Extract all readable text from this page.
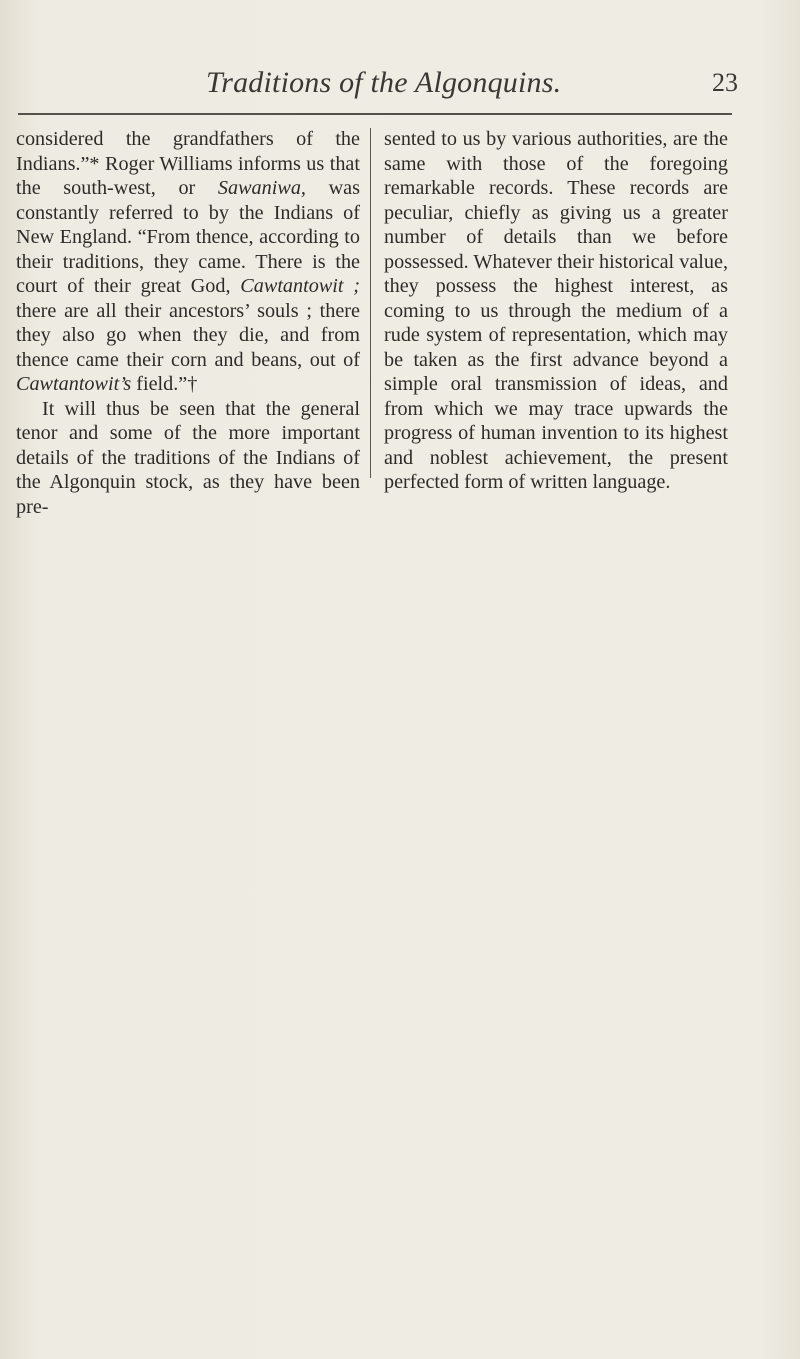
Traditions of the Algonquins.	23

considered the grandfathers of the Indians.”* Roger Williams informs us that the south-west, or Sawaniwa, was constantly referred to by the Indians of New England. “From thence, according to their traditions, they came. There is the court of their great God, Cawtantowit ; there are all their ancestors’ souls ; there they also go when they die, and from thence came their corn and beans, out of Cawtantowit’s field.”†

It will thus be seen that the general tenor and some of the more important details of the traditions of the Indians of the Algonquin stock, as they have been pre-

sented to us by various authorities, are the same with those of the foregoing remarkable records. These records are peculiar, chiefly as giving us a greater number of details than we before possessed. Whatever their historical value, they possess the highest interest, as coming to us through the medium of a rude system of representation, which may be taken as the first advance beyond a simple oral transmission of ideas, and from which we may trace upwards the progress of human invention to its highest and noblest achievement, the present perfected form of written language.
